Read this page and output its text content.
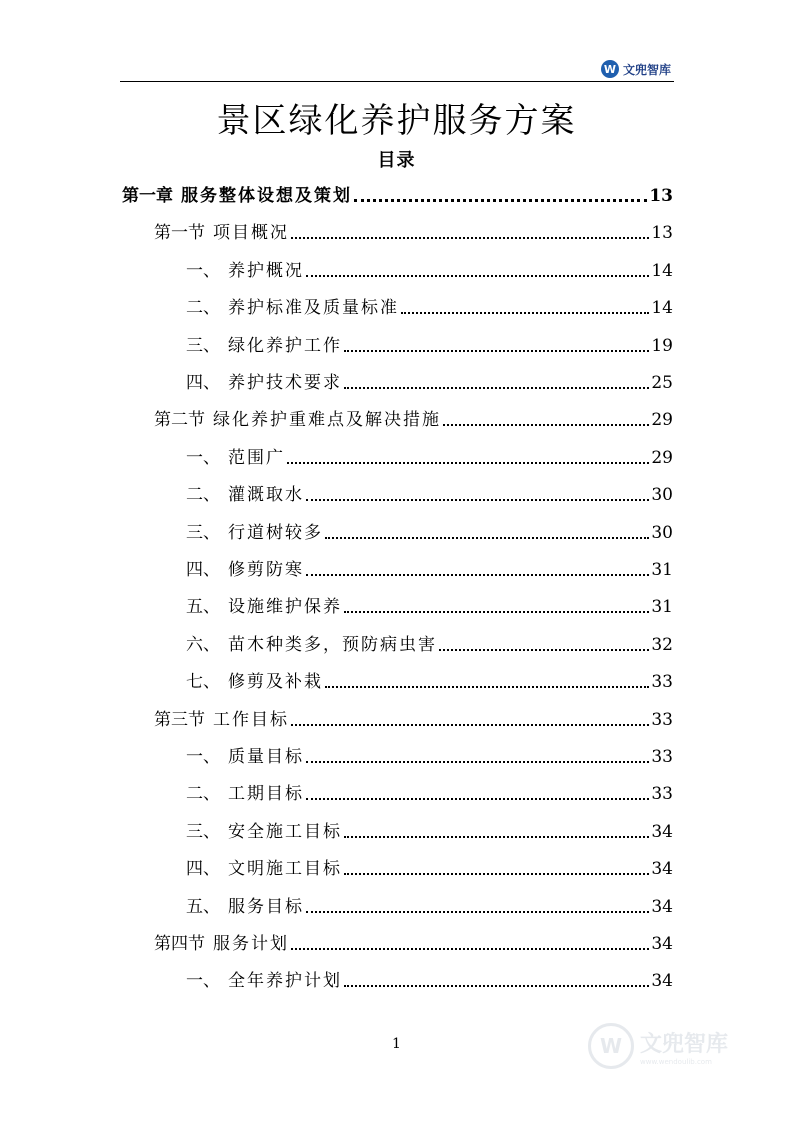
W 文兜智库
景区绿化养护服务方案
目录
第一章 服务整体设想及策划	13
第一节 项目概况	13
一、 养护概况	14
二、 养护标准及质量标准	14
三、 绿化养护工作	19
四、 养护技术要求	25
第二节 绿化养护重难点及解决措施	29
一、 范围广	29
二、 灌溉取水	30
三、 行道树较多	30
四、 修剪防寒	31
五、 设施维护保养	31
六、 苗木种类多，预防病虫害	32
七、 修剪及补栽	33
第三节 工作目标	33
一、 质量目标	33
二、 工期目标	33
三、 安全施工目标	34
四、 文明施工目标	34
五、 服务目标	34
第四节 服务计划	34
一、 全年养护计划	34
1	W 文兜智库
www.wendoulib.com
